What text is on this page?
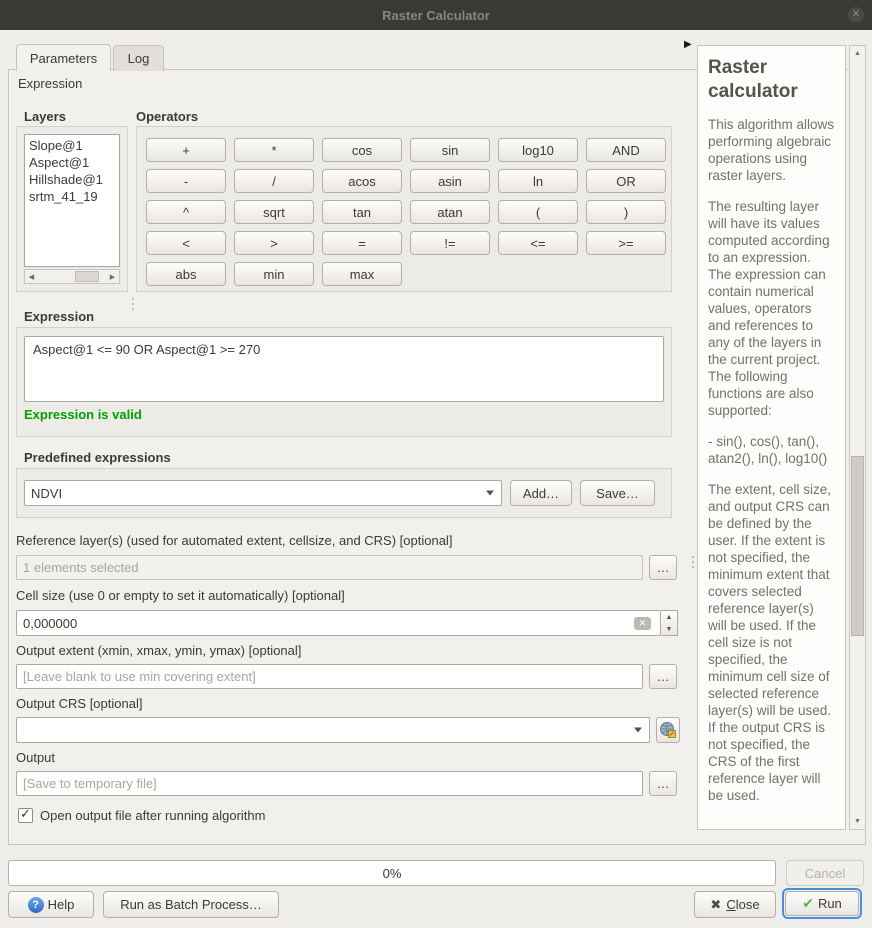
Raster Calculator	✕
Parameters Log
Expression
Layers
Slope@1
Aspect@1
Hillshade@1
srtm_41_19
◀	▶
Operators
+	*	cos	sin	log10	AND
-	/	acos	asin	ln	OR
^	sqrt	tan	atan	(	)
<	>	=	!=	<=	>=
abs	min	max
Expression
Aspect@1 <= 90 OR Aspect@1 >= 270
Expression is valid
Predefined expressions
NDVI	Add…	Save…
Reference layer(s) (used for automated extent, cellsize, and CRS) [optional]
1 elements selected
…
Cell size (use 0 or empty to set it automatically) [optional]
0,000000
✕
▲
▼
Output extent (xmin, xmax, ymin, ymax) [optional]
[Leave blank to use min covering extent]
…
Output CRS [optional]
Output
[Save to temporary file]
…
✓ Open output file after running algorithm
▶
Raster calculator

This algorithm allows performing algebraic operations using raster layers.

The resulting layer will have its values computed according to an expression. The expression can contain numerical values, operators and references to any of the layers in the current project. The following functions are also supported:

- sin(), cos(), tan(), atan2(), ln(), log10()

The extent, cell size, and output CRS can be defined by the user. If the extent is not specified, the minimum extent that covers selected reference layer(s) will be used. If the cell size is not specified, the minimum cell size of selected reference layer(s) will be used. If the output CRS is not specified, the CRS of the first reference layer will be used.

▲
▼
0%	Cancel
? Help	Run as Batch Process…	✖ Close	✔ Run
